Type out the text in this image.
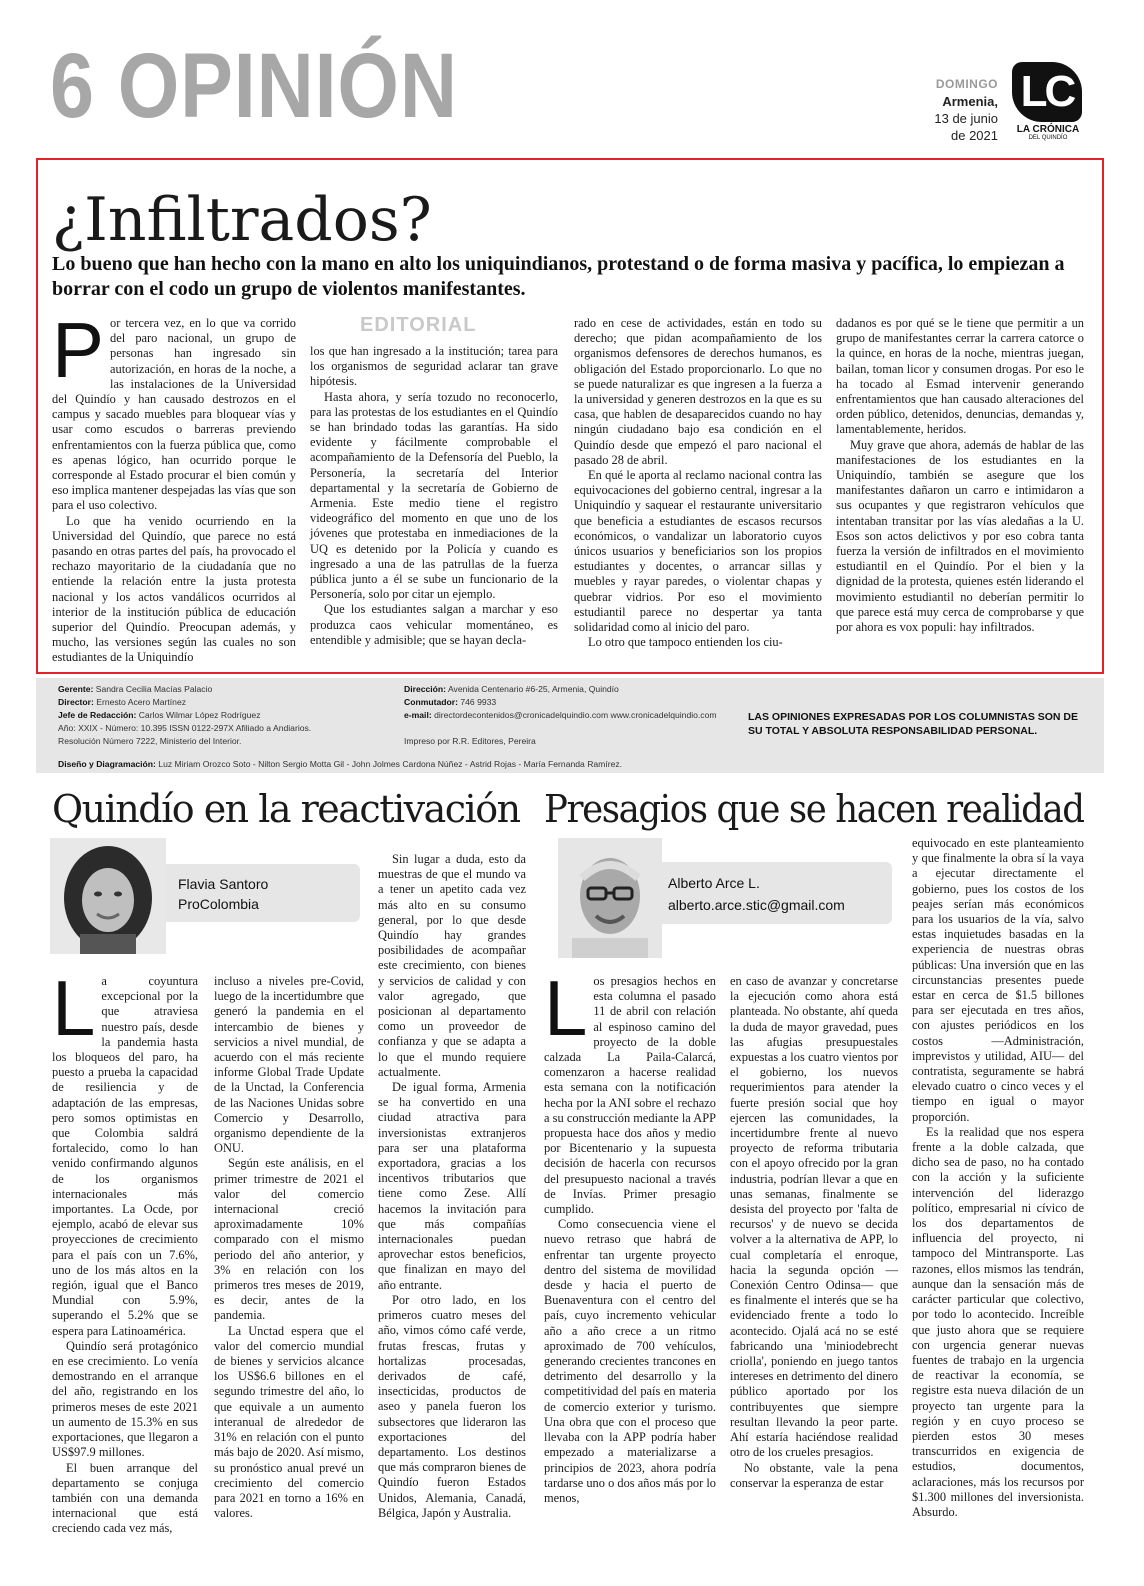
6 OPINIÓN	DOMINGO
Armenia,
13 de junio
de 2021
LC
LA CRÓNICA
DEL QUINDÍO
¿Infiltrados?
Lo bueno que han hecho con la mano en alto los uniquindianos, protestand o de forma masiva y pacífica, lo empiezan a borrar con el codo un grupo de violentos manifestantes.
EDITORIAL

Por tercera vez, en lo que va corrido del paro nacional, un grupo de personas han ingresado sin autorización, en horas de la noche, a las instalaciones de la Universidad del Quindío y han causado destrozos en el campus y sacado muebles para bloquear vías y usar como escudos o barreras previendo enfrentamientos con la fuerza pública que, como es apenas lógico, han ocurrido porque le corresponde al Estado procurar el bien común y eso implica mantener despejadas las vías que son para el uso colectivo.

Lo que ha venido ocurriendo en la Universidad del Quindío, que parece no está pasando en otras partes del país, ha provocado el rechazo mayoritario de la ciudadanía que no entiende la relación entre la justa protesta nacional y los actos vandálicos ocurridos al interior de la institución pública de educación superior del Quindío. Preocupan además, y mucho, las versiones según las cuales no son estudiantes de la Uniquindío

los que han ingresado a la institución; tarea para los organismos de seguridad aclarar tan grave hipótesis.

Hasta ahora, y sería tozudo no reconocerlo, para las protestas de los estudiantes en el Quindío se han brindado todas las garantías. Ha sido evidente y fácilmente comprobable el acompañamiento de la Defensoría del Pueblo, la Personería, la secretaría del Interior departamental y la secretaría de Gobierno de Armenia. Este medio tiene el registro videográfico del momento en que uno de los jóvenes que protestaba en inmediaciones de la UQ es detenido por la Policía y cuando es ingresado a una de las patrullas de la fuerza pública junto a él se sube un funcionario de la Personería, solo por citar un ejemplo.

Que los estudiantes salgan a marchar y eso produzca caos vehicular momentáneo, es entendible y admisible; que se hayan decla-

rado en cese de actividades, están en todo su derecho; que pidan acompañamiento de los organismos defensores de derechos humanos, es obligación del Estado proporcionarlo. Lo que no se puede naturalizar es que ingresen a la fuerza a la universidad y generen destrozos en la que es su casa, que hablen de desaparecidos cuando no hay ningún ciudadano bajo esa condición en el Quindío desde que empezó el paro nacional el pasado 28 de abril.

En qué le aporta al reclamo nacional contra las equivocaciones del gobierno central, ingresar a la Uniquindío y saquear el restaurante universitario que beneficia a estudiantes de escasos recursos económicos, o vandalizar un laboratorio cuyos únicos usuarios y beneficiarios son los propios estudiantes y docentes, o arrancar sillas y muebles y rayar paredes, o violentar chapas y quebrar vidrios. Por eso el movimiento estudiantil parece no despertar ya tanta solidaridad como al inicio del paro.

Lo otro que tampoco entienden los ciu-

dadanos es por qué se le tiene que permitir a un grupo de manifestantes cerrar la carrera catorce o la quince, en horas de la noche, mientras juegan, bailan, toman licor y consumen drogas. Por eso le ha tocado al Esmad intervenir generando enfrentamientos que han causado alteraciones del orden público, detenidos, denuncias, demandas y, lamentablemente, heridos.

Muy grave que ahora, además de hablar de las manifestaciones de los estudiantes en la Uniquindío, también se asegure que los manifestantes dañaron un carro e intimidaron a sus ocupantes y que registraron vehículos que intentaban transitar por las vías aledañas a la U. Esos son actos delictivos y por eso cobra tanta fuerza la versión de infiltrados en el movimiento estudiantil en el Quindío. Por el bien y la dignidad de la protesta, quienes estén liderando el movimiento estudiantil no deberían permitir lo que parece está muy cerca de comprobarse y que por ahora es vox populi: hay infiltrados.

Gerente: Sandra Cecilia Macías Palacio
Director: Ernesto Acero Martínez
Jefe de Redacción: Carlos Wilmar López Rodríguez
Año: XXIX - Número: 10.395 ISSN 0122-297X Afiliado a Andiarios.
Resolución Número 7222, Ministerio del Interior.
Dirección: Avenida Centenario #6-25, Armenia, Quindío
Conmutador: 746 9933
e-mail: directordecontenidos@cronicadelquindio.com www.cronicadelquindio.com
Impreso por R.R. Editores, Pereira
LAS OPINIONES EXPRESADAS POR LOS COLUMNISTAS SON DE SU TOTAL Y ABSOLUTA RESPONSABILIDAD PERSONAL.
Diseño y Diagramación: Luz Miriam Orozco Soto - Nilton Sergio Motta Gil - John Jolmes Cardona Núñez - Astrid Rojas - María Fernanda Ramírez.
Quindío en la reactivación
Flavia Santoro
ProColombia

La coyuntura excepcional por la que atraviesa nuestro país, desde la pandemia hasta los bloqueos del paro, ha puesto a prueba la capacidad de resiliencia y de adaptación de las empresas, pero somos optimistas en que Colombia saldrá fortalecido, como lo han venido confirmando algunos de los organismos internacionales más importantes. La Ocde, por ejemplo, acabó de elevar sus proyecciones de crecimiento para el país con un 7.6%, uno de los más altos en la región, igual que el Banco Mundial con 5.9%, superando el 5.2% que se espera para Latinoamérica.

Quindío será protagónico en ese crecimiento. Lo venía demostrando en el arranque del año, registrando en los primeros meses de este 2021 un aumento de 15.3% en sus exportaciones, que llegaron a US$97.9 millones.

El buen arranque del departamento se conjuga también con una demanda internacional que está creciendo cada vez más,

incluso a niveles pre-Covid, luego de la incertidumbre que generó la pandemia en el intercambio de bienes y servicios a nivel mundial, de acuerdo con el más reciente informe Global Trade Update de la Unctad, la Conferencia de las Naciones Unidas sobre Comercio y Desarrollo, organismo dependiente de la ONU.

Según este análisis, en el primer trimestre de 2021 el valor del comercio internacional creció aproximadamente 10% comparado con el mismo periodo del año anterior, y 3% en relación con los primeros tres meses de 2019, es decir, antes de la pandemia.

La Unctad espera que el valor del comercio mundial de bienes y servicios alcance los US$6.6 billones en el segundo trimestre del año, lo que equivale a un aumento interanual de alrededor de 31% en relación con el punto más bajo de 2020. Así mismo, su pronóstico anual prevé un crecimiento del comercio para 2021 en torno a 16% en valores.

Sin lugar a duda, esto da muestras de que el mundo va a tener un apetito cada vez más alto en su consumo general, por lo que desde Quindío hay grandes posibilidades de acompañar este crecimiento, con bienes y servicios de calidad y con valor agregado, que posicionan al departamento como un proveedor de confianza y que se adapta a lo que el mundo requiere actualmente.

De igual forma, Armenia se ha convertido en una ciudad atractiva para inversionistas extranjeros para ser una plataforma exportadora, gracias a los incentivos tributarios que tiene como Zese. Allí hacemos la invitación para que más compañías internacionales puedan aprovechar estos beneficios, que finalizan en mayo del año entrante.

Por otro lado, en los primeros cuatro meses del año, vimos cómo café verde, frutas frescas, frutas y hortalizas procesadas, derivados de café, insecticidas, productos de aseo y panela fueron los subsectores que lideraron las exportaciones del departamento. Los destinos que más compraron bienes de Quindío fueron Estados Unidos, Alemania, Canadá, Bélgica, Japón y Australia.

Presagios que se hacen realidad
Alberto Arce L.
alberto.arce.stic@gmail.com

Los presagios hechos en esta columna el pasado 11 de abril con relación al espinoso camino del proyecto de la doble calzada La Paila-Calarcá, comenzaron a hacerse realidad esta semana con la notificación hecha por la ANI sobre el rechazo a su construcción mediante la APP propuesta hace dos años y medio por Bicentenario y la supuesta decisión de hacerla con recursos del presupuesto nacional a través de Invías. Primer presagio cumplido.

Como consecuencia viene el nuevo retraso que habrá de enfrentar tan urgente proyecto dentro del sistema de movilidad desde y hacia el puerto de Buenaventura con el centro del país, cuyo incremento vehicular año a año crece a un ritmo aproximado de 700 vehículos, generando crecientes trancones en detrimento del desarrollo y la competitividad del país en materia de comercio exterior y turismo. Una obra que con el proceso que llevaba con la APP podría haber empezado a materializarse a principios de 2023, ahora podría tardarse uno o dos años más por lo menos,

en caso de avanzar y concretarse la ejecución como ahora está planteada. No obstante, ahí queda la duda de mayor gravedad, pues las afugias presupuestales expuestas a los cuatro vientos por el gobierno, los nuevos requerimientos para atender la fuerte presión social que hoy ejercen las comunidades, la incertidumbre frente al nuevo proyecto de reforma tributaria con el apoyo ofrecido por la gran industria, podrían llevar a que en unas semanas, finalmente se desista del proyecto por 'falta de recursos' y de nuevo se decida volver a la alternativa de APP, lo cual completaría el enroque, hacia la segunda opción —Conexión Centro Odinsa— que es finalmente el interés que se ha evidenciado frente a todo lo acontecido. Ojalá acá no se esté fabricando una 'miniodebrecht criolla', poniendo en juego tantos intereses en detrimento del dinero público aportado por los contribuyentes que siempre resultan llevando la peor parte. Ahí estaría haciéndose realidad otro de los crueles presagios.

No obstante, vale la pena conservar la esperanza de estar

equivocado en este planteamiento y que finalmente la obra sí la vaya a ejecutar directamente el gobierno, pues los costos de los peajes serían más económicos para los usuarios de la vía, salvo estas inquietudes basadas en la experiencia de nuestras obras públicas: Una inversión que en las circunstancias presentes puede estar en cerca de $1.5 billones para ser ejecutada en tres años, con ajustes periódicos en los costos —Administración, imprevistos y utilidad, AIU— del contratista, seguramente se habrá elevado cuatro o cinco veces y el tiempo en igual o mayor proporción.

Es la realidad que nos espera frente a la doble calzada, que dicho sea de paso, no ha contado con la acción y la suficiente intervención del liderazgo político, empresarial ni cívico de los dos departamentos de influencia del proyecto, ni tampoco del Mintransporte. Las razones, ellos mismos las tendrán, aunque dan la sensación más de carácter particular que colectivo, por todo lo acontecido. Increíble que justo ahora que se requiere con urgencia generar nuevas fuentes de trabajo en la urgencia de reactivar la economía, se registre esta nueva dilación de un proyecto tan urgente para la región y en cuyo proceso se pierden estos 30 meses transcurridos en exigencia de estudios, documentos, aclaraciones, más los recursos por $1.300 millones del inversionista. Absurdo.
